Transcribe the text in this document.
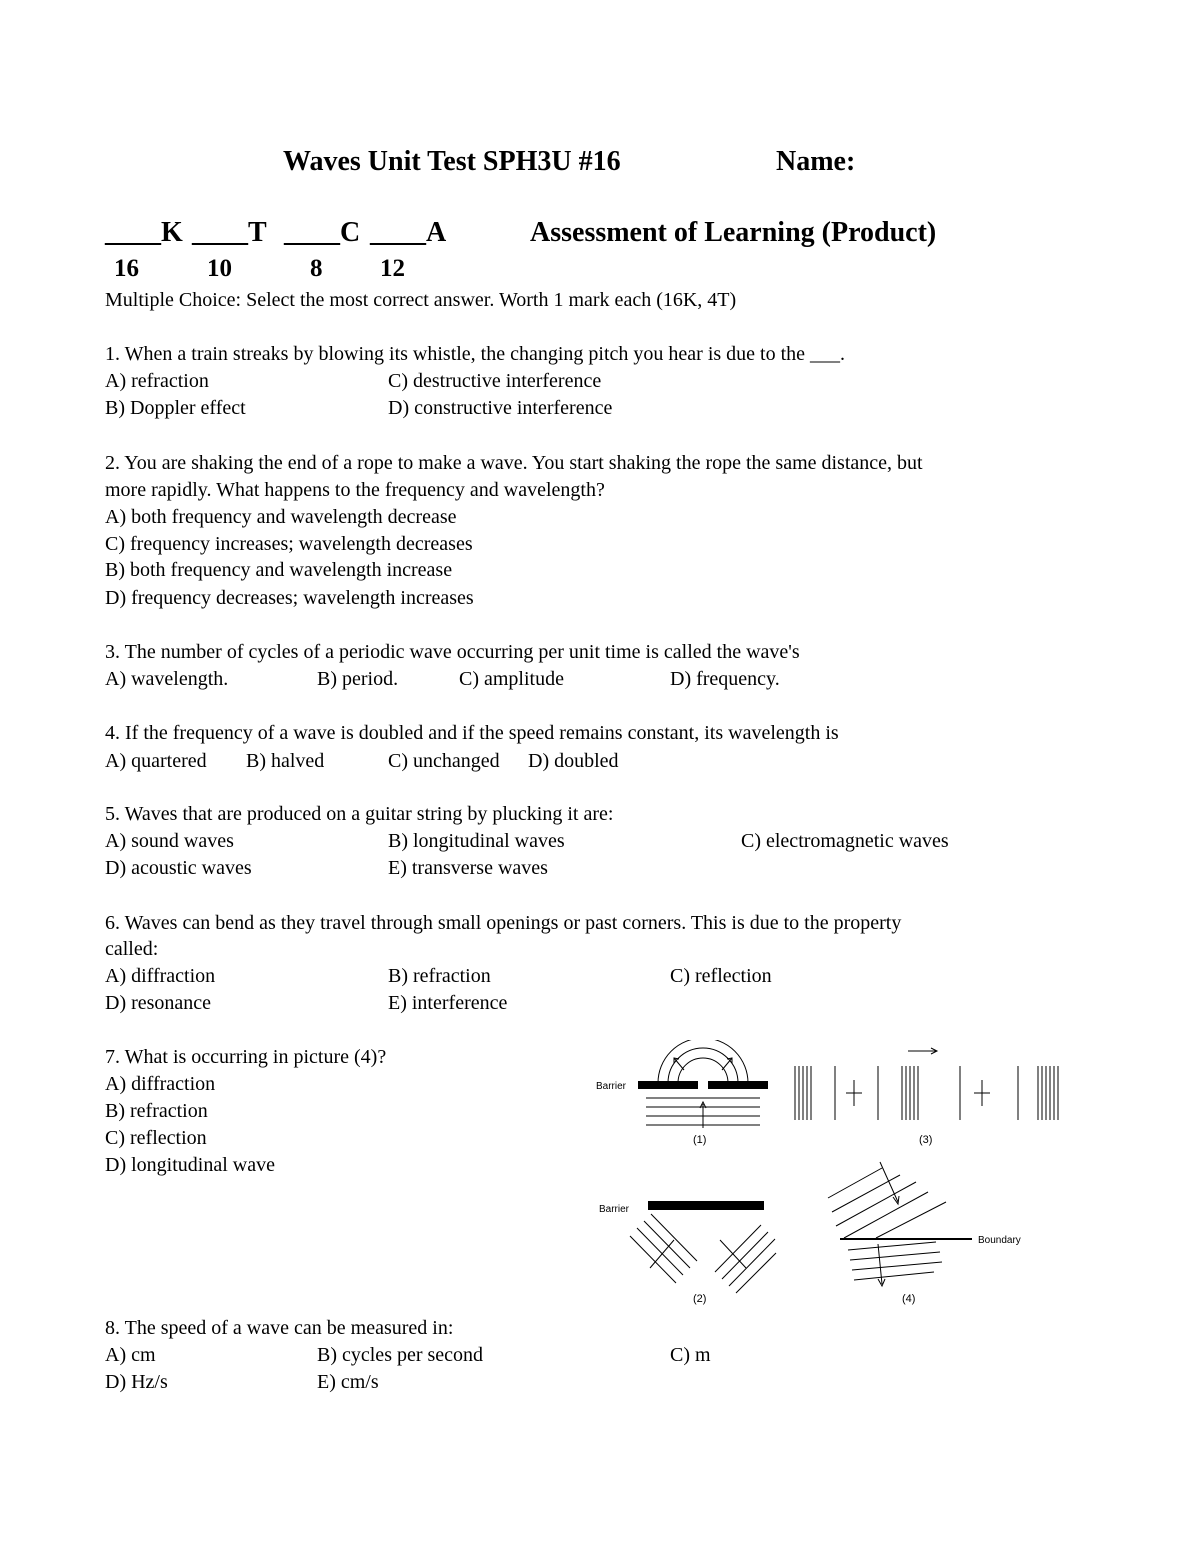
Waves Unit Test SPH3U #16	Name:
____K ____T ____C ____A	Assessment of Learning (Product)
16	10	8 12
Multiple Choice: Select the most correct answer. Worth 1 mark each (16K, 4T)
1. When a train streaks by blowing its whistle, the changing pitch you hear is due to the ___.
A) refraction	C) destructive interference
B) Doppler effect	D) constructive interference
2. You are shaking the end of a rope to make a wave. You start shaking the rope the same distance, but
more rapidly. What happens to the frequency and wavelength?
A) both frequency and wavelength decrease
C) frequency increases; wavelength decreases
B) both frequency and wavelength increase
D) frequency decreases; wavelength increases
3. The number of cycles of a periodic wave occurring per unit time is called the wave's
A) wavelength.	B) period.	C) amplitude	D) frequency.
4. If the frequency of a wave is doubled and if the speed remains constant, its wavelength is
A) quartered B) halved	C) unchanged D) doubled
5. Waves that are produced on a guitar string by plucking it are:
A) sound waves	B) longitudinal waves	C) electromagnetic waves
D) acoustic waves	E) transverse waves
6. Waves can bend as they travel through small openings or past corners. This is due to the property
called:
A) diffraction	B) refraction	C) reflection
D) resonance	E) interference
7. What is occurring in picture (4)?
A) diffraction
B) refraction
C) reflection
D) longitudinal wave
Barrier
(1)	(3)
Barrier
(2)
Boundary
(4)
8. The speed of a wave can be measured in:
A) cm	B) cycles per second	C) m
D) Hz/s	E) cm/s
